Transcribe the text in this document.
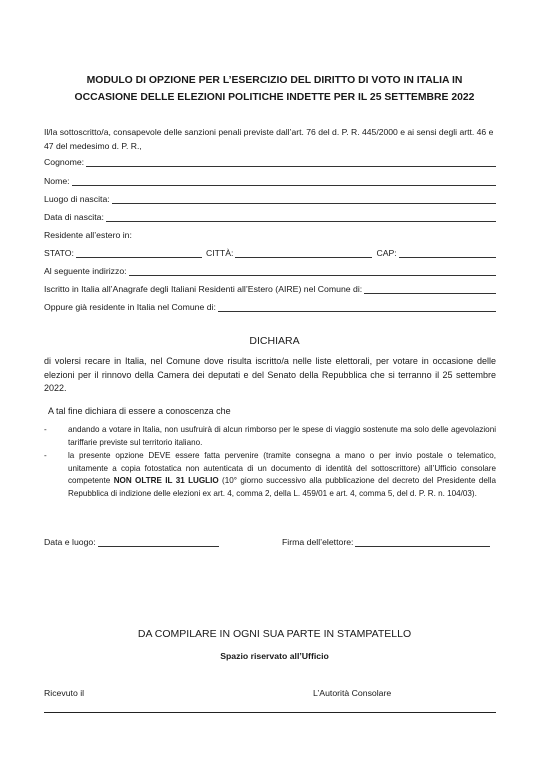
MODULO DI OPZIONE PER L’ESERCIZIO DEL DIRITTO DI VOTO IN ITALIA IN
OCCASIONE DELLE ELEZIONI POLITICHE INDETTE PER IL 25 SETTEMBRE 2022
Il/la sottoscritto/a, consapevole delle sanzioni penali previste dall’art. 76 del d. P. R. 445/2000 e ai sensi degli artt. 46 e 47 del medesimo d. P. R.,
Cognome:
Nome:
Luogo di nascita:
Data di nascita:
Residente all’estero in:
STATO:	CITTÀ:	CAP:
Al seguente indirizzo:
Iscritto in Italia all’Anagrafe degli Italiani Residenti all’Estero (AIRE) nel Comune di:
Oppure già residente in Italia nel Comune di:
DICHIARA
di volersi recare in Italia, nel Comune dove risulta iscritto/a nelle liste elettorali, per votare in occasione delle elezioni per il rinnovo della Camera dei deputati e del Senato della Repubblica che si terranno il 25 settembre 2022.
A tal fine dichiara di essere a conoscenza che
-	andando a votare in Italia, non usufruirà di alcun rimborso per le spese di viaggio sostenute ma solo delle agevolazioni tariffarie previste sul territorio italiano.
-	la presente opzione DEVE essere fatta pervenire (tramite consegna a mano o per invio postale o telematico, unitamente a copia fotostatica non autenticata di un documento di identità del sottoscrittore) all’Ufficio consolare competente NON OLTRE IL 31 LUGLIO (10° giorno successivo alla pubblicazione del decreto del Presidente della Repubblica di indizione delle elezioni ex art. 4, comma 2, della L. 459/01 e art. 4, comma 5, del d. P. R. n. 104/03).
Data e luogo:	Firma dell’elettore:
DA COMPILARE IN OGNI SUA PARTE IN STAMPATELLO
Spazio riservato all’Ufficio
Ricevuto il	L’Autorità Consolare
